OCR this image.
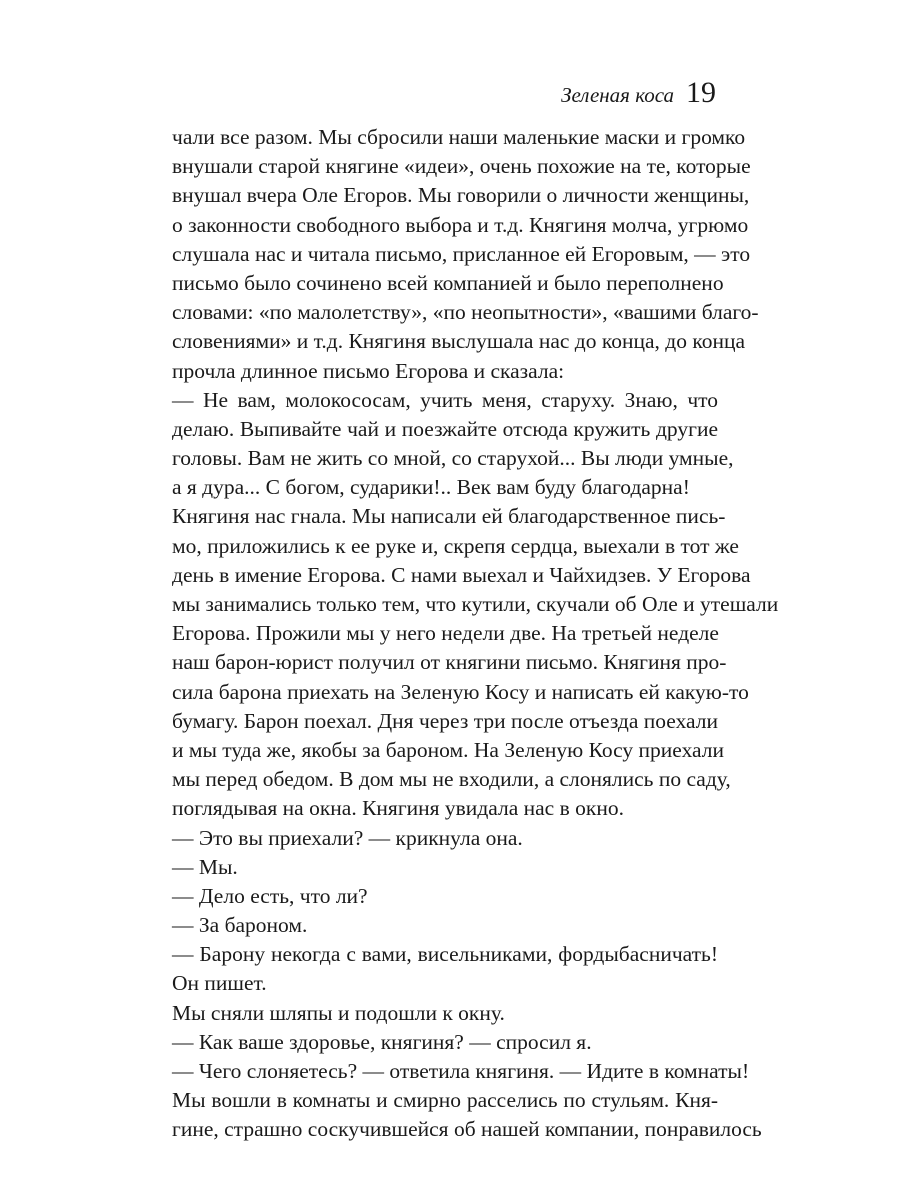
Зеленая коса 19
чали все разом. Мы сбросили наши маленькие маски и громко
внушали старой княгине «идеи», очень похожие на те, которые
внушал вчера Оле Егоров. Мы говорили о личности женщины,
о законности свободного выбора и т.д. Княгиня молча, угрюмо
слушала нас и читала письмо, присланное ей Егоровым, — это
письмо было сочинено всей компанией и было переполнено
словами: «по малолетству», «по неопытности», «вашими благо-
словениями» и т.д. Княгиня выслушала нас до конца, до конца
прочла длинное письмо Егорова и сказала:
— Не вам, молокососам, учить меня, старуху. Знаю, что
делаю. Выпивайте чай и поезжайте отсюда кружить другие
головы. Вам не жить со мной, со старухой... Вы люди умные,
а я дура... С богом, сударики!.. Век вам буду благодарна!
Княгиня нас гнала. Мы написали ей благодарственное пись-
мо, приложились к ее руке и, скрепя сердца, выехали в тот же
день в имение Егорова. С нами выехал и Чайхидзев. У Егорова
мы занимались только тем, что кутили, скучали об Оле и утешали
Егорова. Прожили мы у него недели две. На третьей неделе
наш барон-юрист получил от княгини письмо. Княгиня про-
сила барона приехать на Зеленую Косу и написать ей какую-то
бумагу. Барон поехал. Дня через три после отъезда поехали
и мы туда же, якобы за бароном. На Зеленую Косу приехали
мы перед обедом. В дом мы не входили, а слонялись по саду,
поглядывая на окна. Княгиня увидала нас в окно.
— Это вы приехали? — крикнула она.
— Мы.
— Дело есть, что ли?
— За бароном.
— Барону некогда с вами, висельниками, фордыбасничать!
Он пишет.
Мы сняли шляпы и подошли к окну.
— Как ваше здоровье, княгиня? — спросил я.
— Чего слоняетесь? — ответила княгиня. — Идите в комнаты!
Мы вошли в комнаты и смирно расселись по стульям. Кня-
гине, страшно соскучившейся об нашей компании, понравилось
